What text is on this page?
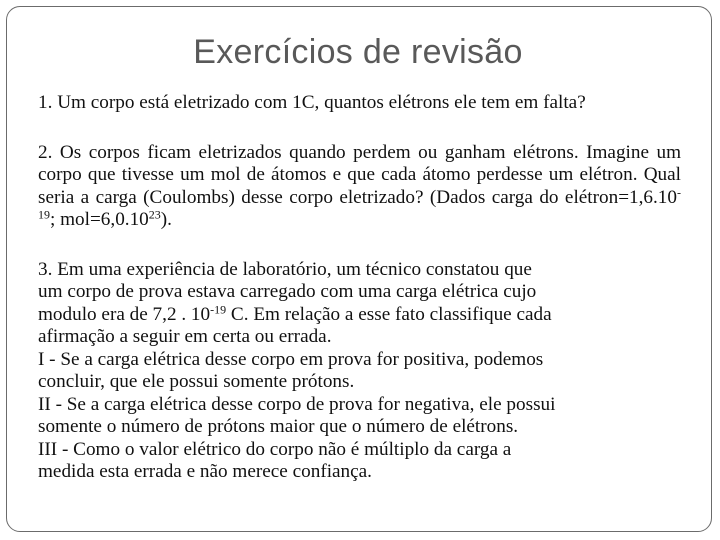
Exercícios de revisão

1. Um corpo está eletrizado com 1C, quantos elétrons ele tem em falta?

2. Os corpos ficam eletrizados quando perdem ou ganham elétrons. Imagine um corpo que tivesse um mol de átomos e que cada átomo perdesse um elétron. Qual seria a carga (Coulombs) desse corpo eletrizado? (Dados carga do $elétron=1,6.10^{-19}$; $mol=6,0.10^{23}$).

3. Em uma experiência de laboratório, um técnico constatou que
um corpo de prova estava carregado com uma carga elétrica cujo
modulo era de 7,2 . $10^{-19}$ C. Em relação a esse fato classifique cada
afirmação a seguir em certa ou errada.
I - Se a carga elétrica desse corpo em prova for positiva, podemos
concluir, que ele possui somente prótons.
II - Se a carga elétrica desse corpo de prova for negativa, ele possui
somente o número de prótons maior que o número de elétrons.
III - Como o valor elétrico do corpo não é múltiplo da carga a
medida esta errada e não merece confiança.
